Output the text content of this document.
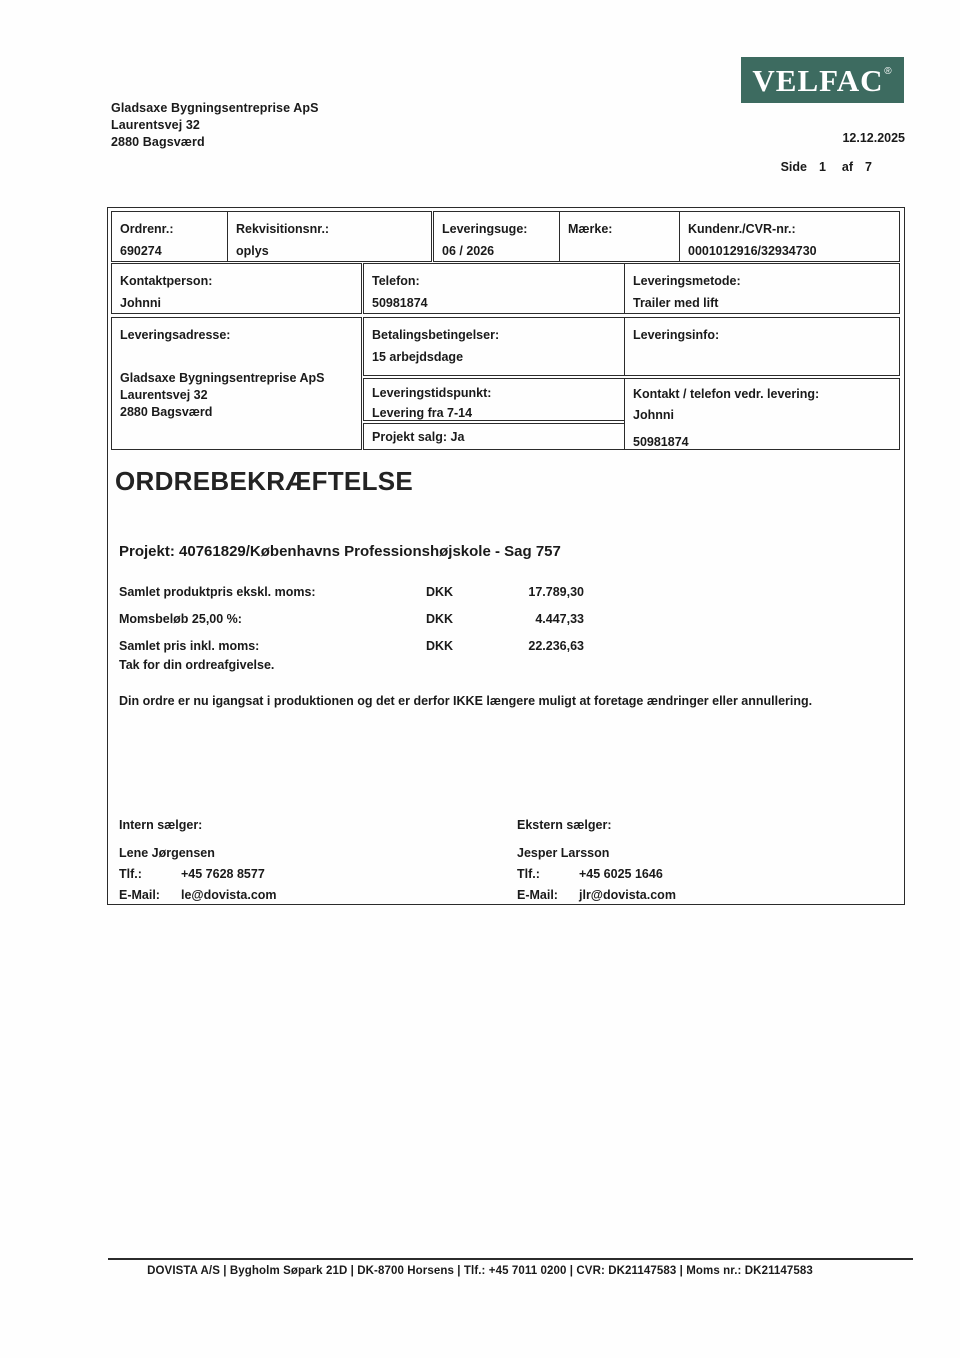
VELFAC ®
Gladsaxe Bygningsentreprise ApS
Laurentsvej 32
2880 Bagsværd	12.12.2025
Side 1 af 7
Ordrenr.:
690274
Rekvisitionsnr.:
oplys
Leveringsuge:
06 / 2026
Mærke:	Kundenr./CVR-nr.:
0001012916/32934730
Kontaktperson:
Johnni
Telefon:
50981874
Leveringsmetode:
Trailer med lift
Leveringsadresse:
Gladsaxe Bygningsentreprise ApS
Laurentsvej 32
2880 Bagsværd
Betalingsbetingelser:
15 arbejdsdage
Leveringstidspunkt:
Levering fra 7-14
Projekt salg: Ja
Leveringsinfo:
Kontakt / telefon vedr. levering:
Johnni
50981874
ORDREBEKRÆFTELSE
Projekt: 40761829/Københavns Professionshøjskole - Sag 757
Samlet produktpris ekskl. moms:	DKK	17.789,30
Momsbeløb 25,00 %:	DKK	4.447,33
Samlet pris inkl. moms:	DKK	22.236,63
Tak for din ordreafgivelse.
Din ordre er nu igangsat i produktionen og det er derfor IKKE længere muligt at foretage ændringer eller annullering.
Intern sælger:
Lene Jørgensen
Tlf.:	+45 7628 8577
E-Mail:	le@dovista.com
Ekstern sælger:
Jesper Larsson
Tlf.:	+45 6025 1646
E-Mail:	jlr@dovista.com
DOVISTA A/S | Bygholm Søpark 21D | DK-8700 Horsens | Tlf.: +45 7011 0200 | CVR: DK21147583 | Moms nr.: DK21147583
